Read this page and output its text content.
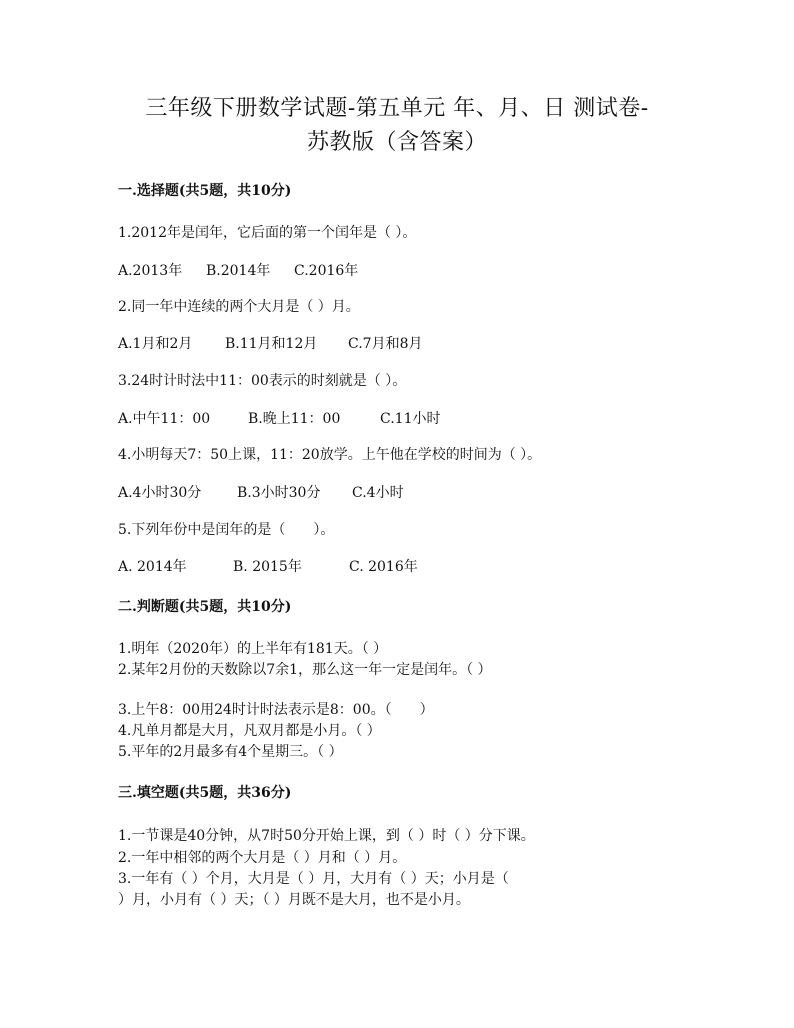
三年级下册数学试题-第五单元 年、月、日 测试卷-
苏教版（含答案）
一.选择题(共5题，共10分)
1.2012年是闰年，它后面的第一个闰年是（ ）。
A.2013年 B.2014年 C.2016年
2.同一年中连续的两个大月是（ ）月。
A.1月和2月 B.11月和12月 C.7月和8月
3.24时计时法中11：00表示的时刻就是（ ）。
A.中午11：00	B.晚上11：00	C.11小时
4.小明每天7：50上课，11：20放学。上午他在学校的时间为（ ）。
A.4小时30分	B.3小时30分 C.4小时
5.下列年份中是闰年的是（　　）。
A. 2014年	B. 2015年	C. 2016年
二.判断题(共5题，共10分)
1.明年（2020年）的上半年有181天。（ ）
2.某年2月份的天数除以7余1，那么这一年一定是闰年。（ ）
3.上午8：00用24时计时法表示是8：00。（　　）
4.凡单月都是大月，凡双月都是小月。（ ）
5.平年的2月最多有4个星期三。（ ）
三.填空题(共5题，共36分)
1.一节课是40分钟，从7时50分开始上课，到（ ）时（ ）分下课。
2.一年中相邻的两个大月是（ ）月和（ ）月。
3.一年有（ ）个月，大月是（ ）月，大月有（ ）天；小月是（
）月，小月有（ ）天；（ ）月既不是大月，也不是小月。
